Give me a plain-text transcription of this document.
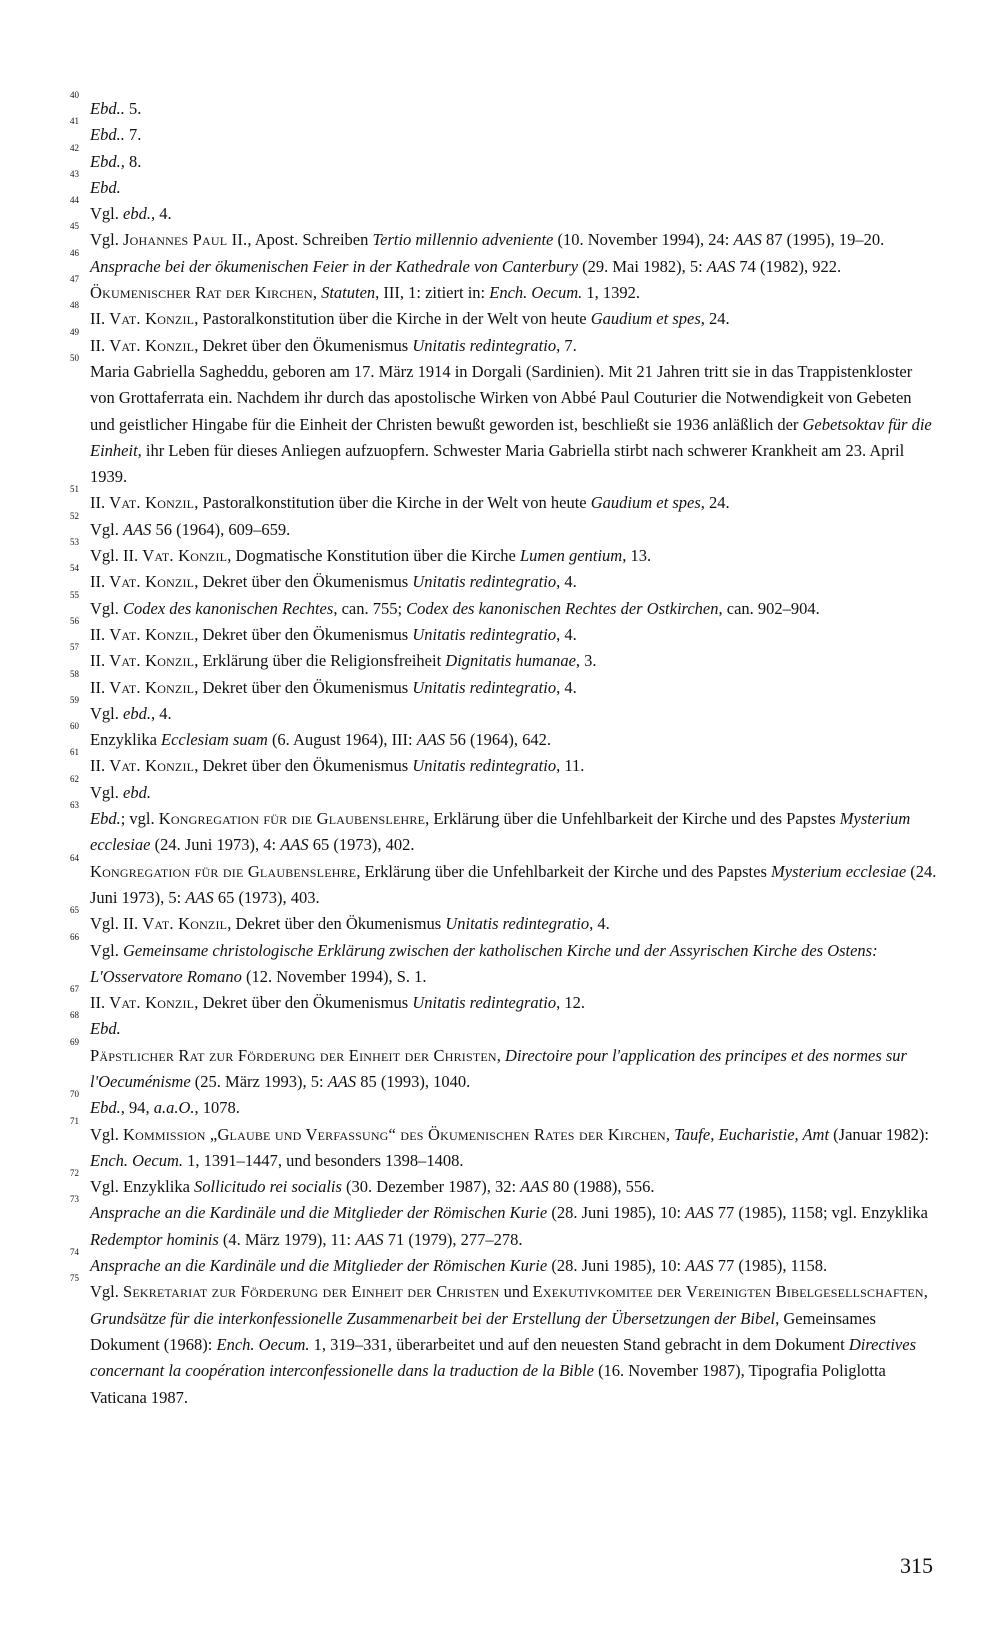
40
Ebd.. 5.

41
Ebd.. 7.

42
Ebd., 8.

43
Ebd.

44
Vgl. ebd., 4.

45
Vgl. Johannes Paul II., Apost. Schreiben Tertio millennio adveniente (10. November 1994), 24: AAS 87 (1995), 19–20.

46
Ansprache bei der ökumenischen Feier in der Kathedrale von Canterbury (29. Mai 1982), 5: AAS 74 (1982), 922.

47
Ökumenischer Rat der Kirchen, Statuten, III, 1: zitiert in: Ench. Oecum. 1, 1392.

48
II. Vat. Konzil, Pastoralkonstitution über die Kirche in der Welt von heute Gaudium et spes, 24.

49
II. Vat. Konzil, Dekret über den Ökumenismus Unitatis redintegratio, 7.

50
Maria Gabriella Sagheddu, geboren am 17. März 1914 in Dorgali (Sardinien). Mit 21 Jahren tritt sie in das Trappistenkloster von Grottaferrata ein. Nachdem ihr durch das apostolische Wirken von Abbé Paul Couturier die Notwendigkeit von Gebeten und geistlicher Hingabe für die Einheit der Christen bewußt geworden ist, beschließt sie 1936 anläßlich der Gebetsoktav für die Einheit, ihr Leben für dieses Anliegen aufzuopfern. Schwester Maria Gabriella stirbt nach schwerer Krankheit am 23. April 1939.

51
II. Vat. Konzil, Pastoralkonstitution über die Kirche in der Welt von heute Gaudium et spes, 24.

52
Vgl. AAS 56 (1964), 609–659.

53
Vgl. II. Vat. Konzil, Dogmatische Konstitution über die Kirche Lumen gentium, 13.

54
II. Vat. Konzil, Dekret über den Ökumenismus Unitatis redintegratio, 4.

55
Vgl. Codex des kanonischen Rechtes, can. 755; Codex des kanonischen Rechtes der Ostkirchen, can. 902–904.

56
II. Vat. Konzil, Dekret über den Ökumenismus Unitatis redintegratio, 4.

57
II. Vat. Konzil, Erklärung über die Religionsfreiheit Dignitatis humanae, 3.

58
II. Vat. Konzil, Dekret über den Ökumenismus Unitatis redintegratio, 4.

59
Vgl. ebd., 4.

60
Enzyklika Ecclesiam suam (6. August 1964), III: AAS 56 (1964), 642.

61
II. Vat. Konzil, Dekret über den Ökumenismus Unitatis redintegratio, 11.

62
Vgl. ebd.

63
Ebd.; vgl. Kongregation für die Glaubenslehre, Erklärung über die Unfehlbarkeit der Kirche und des Papstes Mysterium ecclesiae (24. Juni 1973), 4: AAS 65 (1973), 402.

64
Kongregation für die Glaubenslehre, Erklärung über die Unfehlbarkeit der Kirche und des Papstes Mysterium ecclesiae (24. Juni 1973), 5: AAS 65 (1973), 403.

65
Vgl. II. Vat. Konzil, Dekret über den Ökumenismus Unitatis redintegratio, 4.

66
Vgl. Gemeinsame christologische Erklärung zwischen der katholischen Kirche und der Assyrischen Kirche des Ostens: L'Osservatore Romano (12. November 1994), S. 1.

67
II. Vat. Konzil, Dekret über den Ökumenismus Unitatis redintegratio, 12.

68
Ebd.

69
Päpstlicher Rat zur Förderung der Einheit der Christen, Directoire pour l'application des principes et des normes sur l'Oecuménisme (25. März 1993), 5: AAS 85 (1993), 1040.

70
Ebd., 94, a.a.O., 1078.

71
Vgl. Kommission „Glaube und Verfassung“ des Ökumenischen Rates der Kirchen, Taufe, Eucharistie, Amt (Januar 1982): Ench. Oecum. 1, 1391–1447, und besonders 1398–1408.

72
Vgl. Enzyklika Sollicitudo rei socialis (30. Dezember 1987), 32: AAS 80 (1988), 556.

73
Ansprache an die Kardinäle und die Mitglieder der Römischen Kurie (28. Juni 1985), 10: AAS 77 (1985), 1158; vgl. Enzyklika Redemptor hominis (4. März 1979), 11: AAS 71 (1979), 277–278.

74
Ansprache an die Kardinäle und die Mitglieder der Römischen Kurie (28. Juni 1985), 10: AAS 77 (1985), 1158.

75
Vgl. Sekretariat zur Förderung der Einheit der Christen und Exekutivkomitee der Vereinigten Bibelgesellschaften, Grundsätze für die interkonfessionelle Zusammenarbeit bei der Erstellung der Übersetzungen der Bibel, Gemeinsames Dokument (1968): Ench. Oecum. 1, 319–331, überarbeitet und auf den neuesten Stand gebracht in dem Dokument Directives concernant la coopération interconfessionelle dans la traduction de la Bible (16. November 1987), Tipografia Poliglotta Vaticana 1987.

315
